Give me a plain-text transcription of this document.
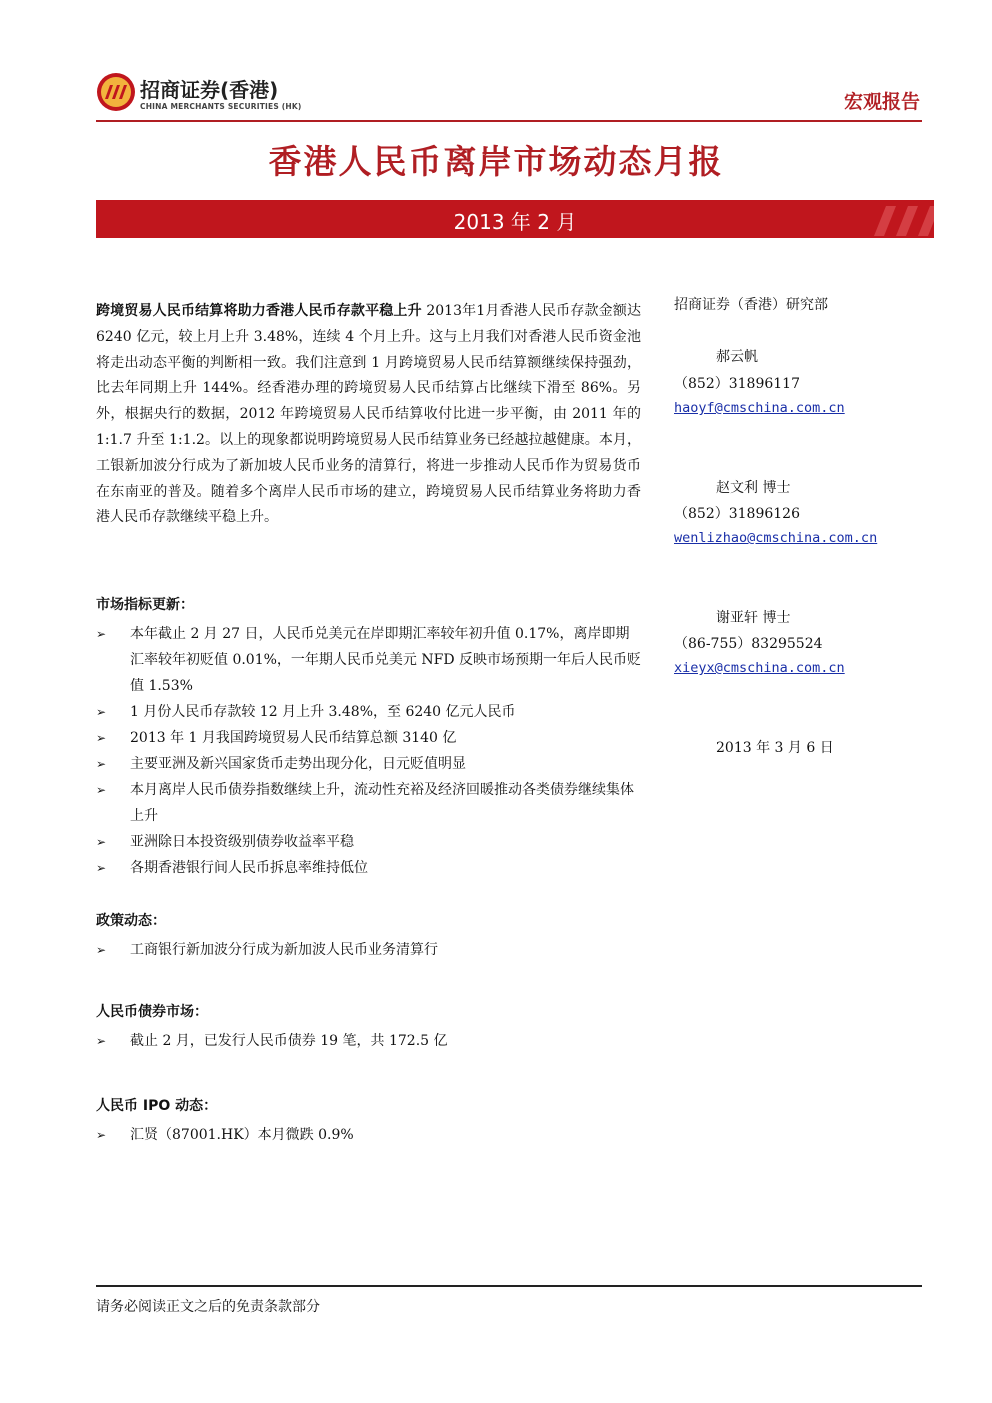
招商证券(香港)
CHINA MERCHANTS SECURITIES (HK)	宏观报告
香港人民币离岸市场动态月报
2013 年 2 月
跨境贸易人民币结算将助力香港人民币存款平稳上升 2013年1月香港人民币存款金额达 6240 亿元，较上月上升 3.48%，连续 4 个月上升。这与上月我们对香港人民币资金池将走出动态平衡的判断相一致。我们注意到 1 月跨境贸易人民币结算额继续保持强劲，比去年同期上升 144%。经香港办理的跨境贸易人民币结算占比继续下滑至 86%。另外，根据央行的数据，2012 年跨境贸易人民币结算收付比进一步平衡，由 2011 年的 1:1.7 升至 1:1.2。以上的现象都说明跨境贸易人民币结算业务已经越拉越健康。本月，工银新加波分行成为了新加坡人民币业务的清算行，将进一步推动人民币作为贸易货币在东南亚的普及。随着多个离岸人民币市场的建立，跨境贸易人民币结算业务将助力香港人民币存款继续平稳上升。
市场指标更新：
➢ 本年截止 2 月 27 日，人民币兑美元在岸即期汇率较年初升值 0.17%，离岸即期汇率较年初贬值 0.01%，一年期人民币兑美元 NFD 反映市场预期一年后人民币贬值 1.53%
➢ 1 月份人民币存款较 12 月上升 3.48%，至 6240 亿元人民币
➢ 2013 年 1 月我国跨境贸易人民币结算总额 3140 亿
➢ 主要亚洲及新兴国家货币走势出现分化，日元贬值明显
➢ 本月离岸人民币债券指数继续上升，流动性充裕及经济回暖推动各类债券继续集体上升
➢ 亚洲除日本投资级别债券收益率平稳
➢ 各期香港银行间人民币拆息率维持低位
政策动态：
➢ 工商银行新加波分行成为新加波人民币业务清算行
人民币债券市场：
➢ 截止 2 月，已发行人民币债券 19 笔，共 172.5 亿
人民币 IPO 动态：
➢ 汇贤（87001.HK）本月微跌 0.9%
招商证券（香港）研究部
郝云帆
（852）31896117
haoyf@cmschina.com.cn
赵文利 博士
（852）31896126
wenlizhao@cmschina.com.cn
谢亚轩 博士
（86-755）83295524
xieyx@cmschina.com.cn
2013 年 3 月 6 日
请务必阅读正文之后的免责条款部分
